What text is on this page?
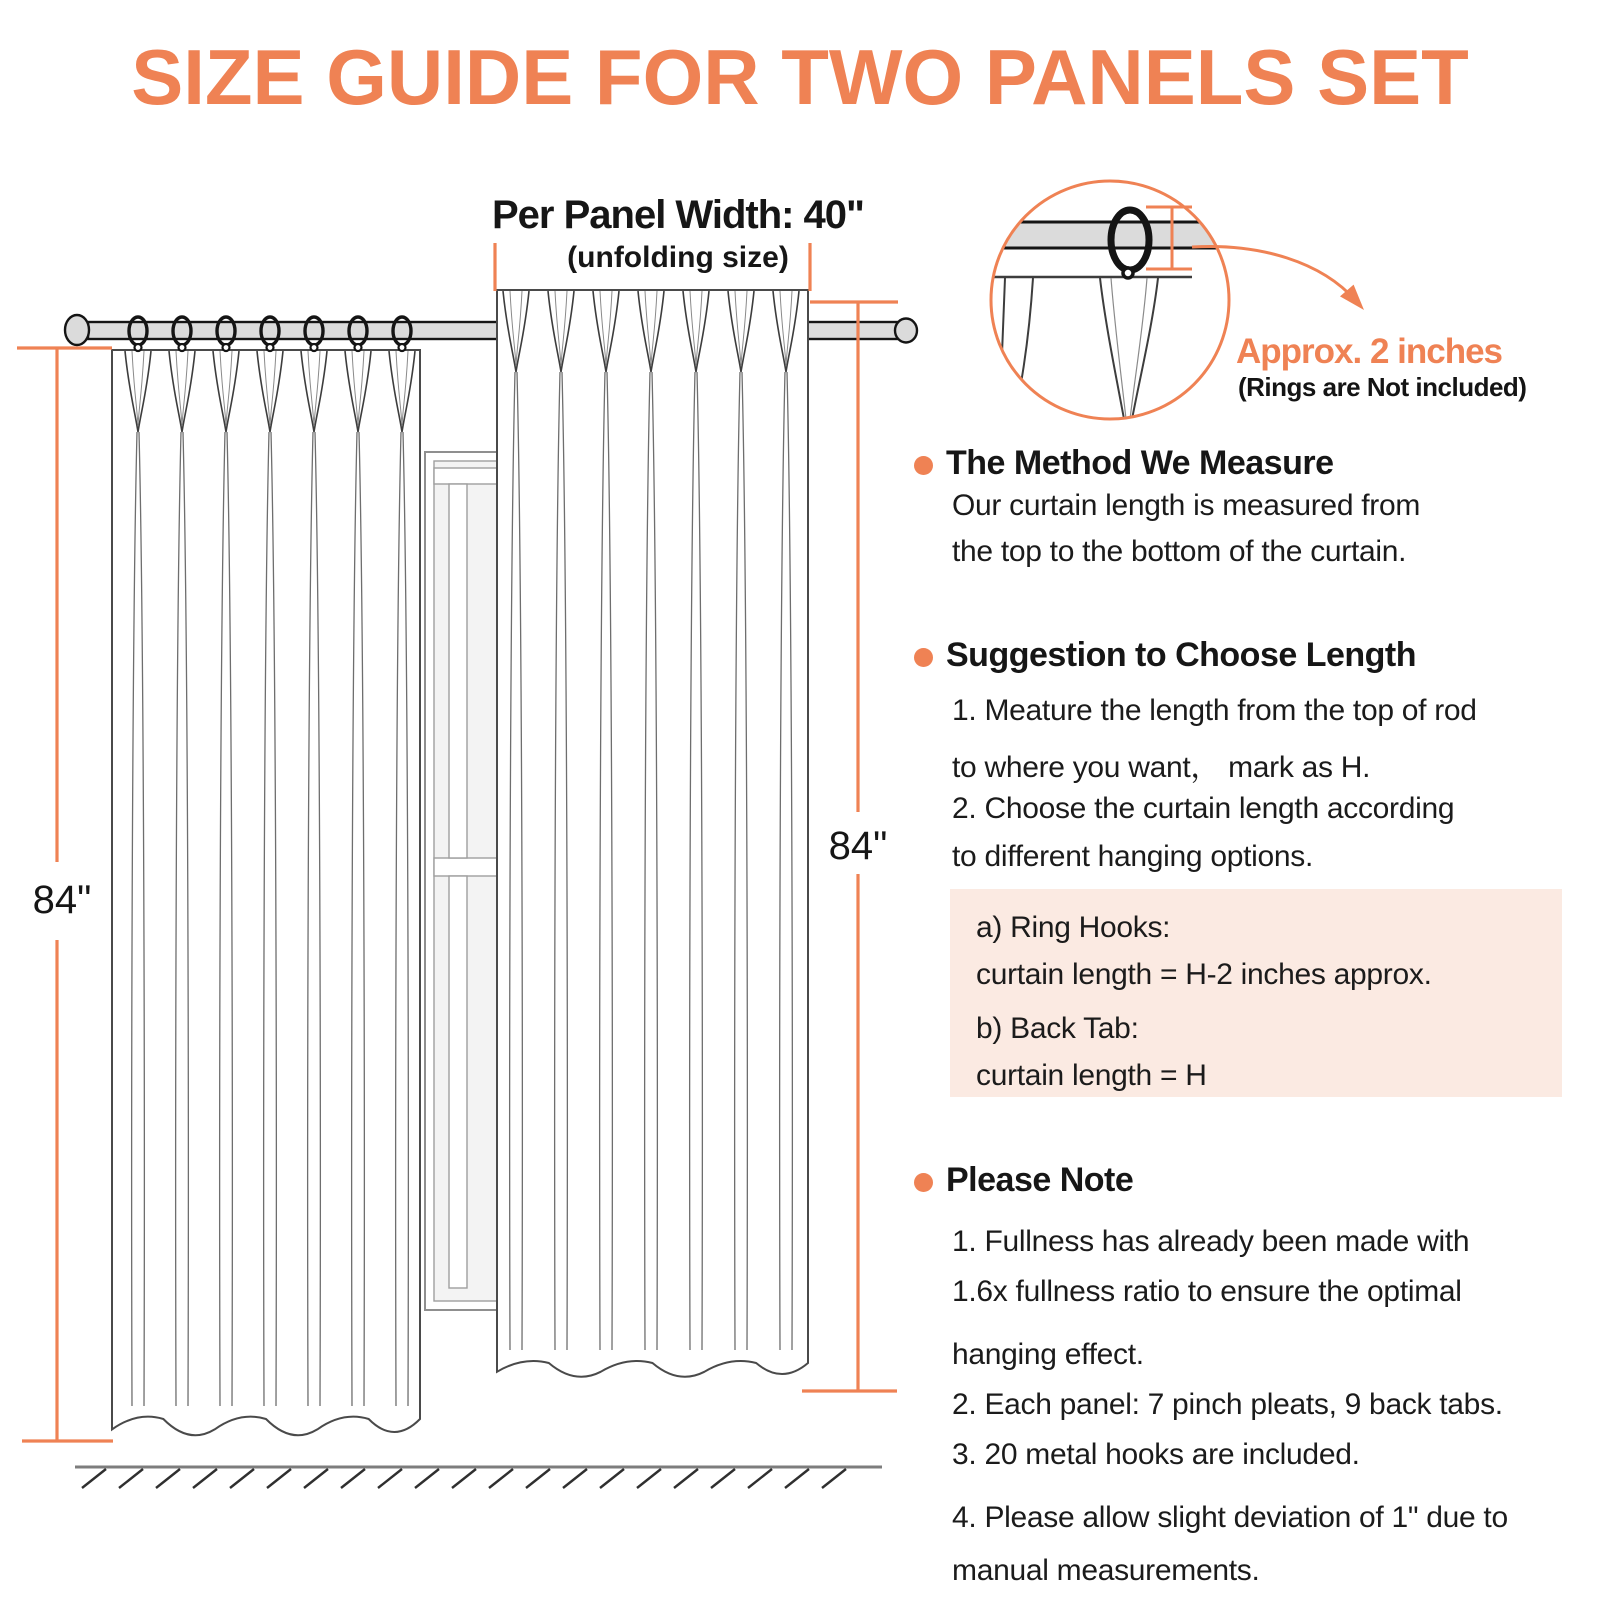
SIZE GUIDE FOR TWO PANELS SET
Per Panel Width: 40"
(unfolding size)
84"
84"
Approx. 2 inches
(Rings are Not included)
The Method We Measure
Our curtain length is measured from
the top to the bottom of the curtain.
Suggestion to Choose Length
1. Meature the length from the top of rod
to where you want， mark as H.
2. Choose the curtain length according
to different hanging options.
a) Ring Hooks:
curtain length = H-2 inches approx.
b) Back Tab:
curtain length = H
Please Note
1. Fullness has already been made with
1.6x fullness ratio to ensure the optimal
hanging effect.
2. Each panel: 7 pinch pleats, 9 back tabs.
3. 20 metal hooks are included.
4. Please allow slight deviation of 1" due to
manual measurements.
